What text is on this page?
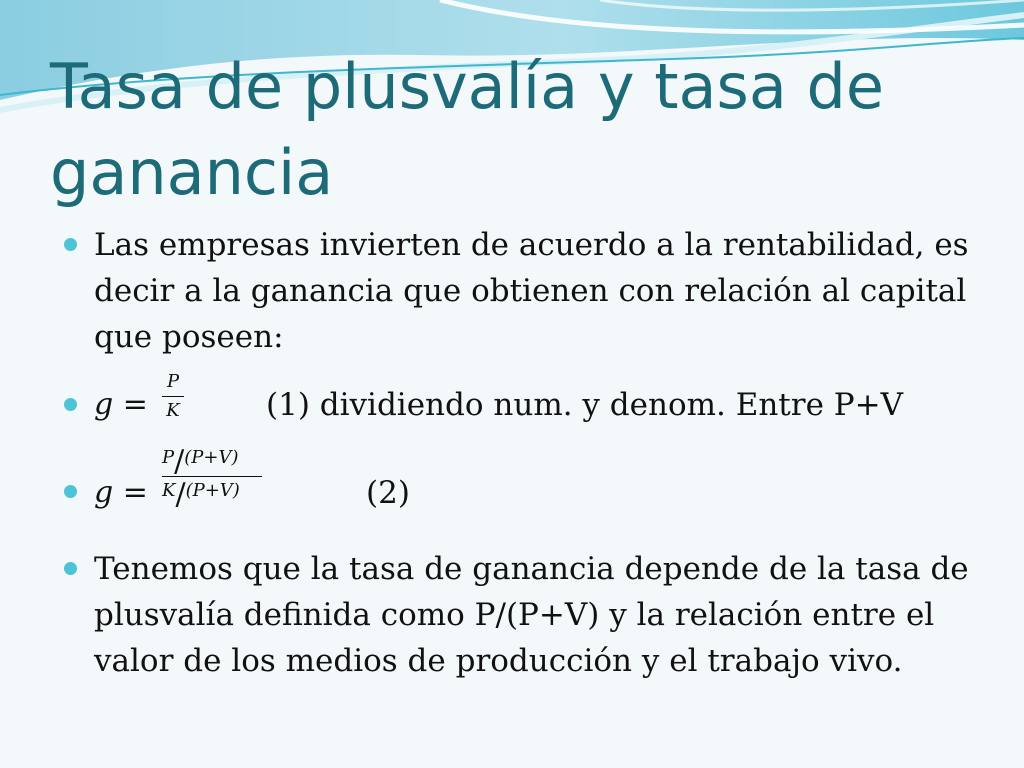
Tasa de plusvalía y tasa de ganancia
Las empresas invierten de acuerdo a la rentabilidad, es decir a la ganancia que obtienen con relación al capital que poseen:
g =
P
K	(1) dividiendo num. y denom. Entre P+V
g =
P/(P+V)
K/(P+V)	(2)
Tenemos que la tasa de ganancia depende de la tasa de plusvalía definida como P/(P+V) y la relación entre el valor de los medios de producción y el trabajo vivo.
